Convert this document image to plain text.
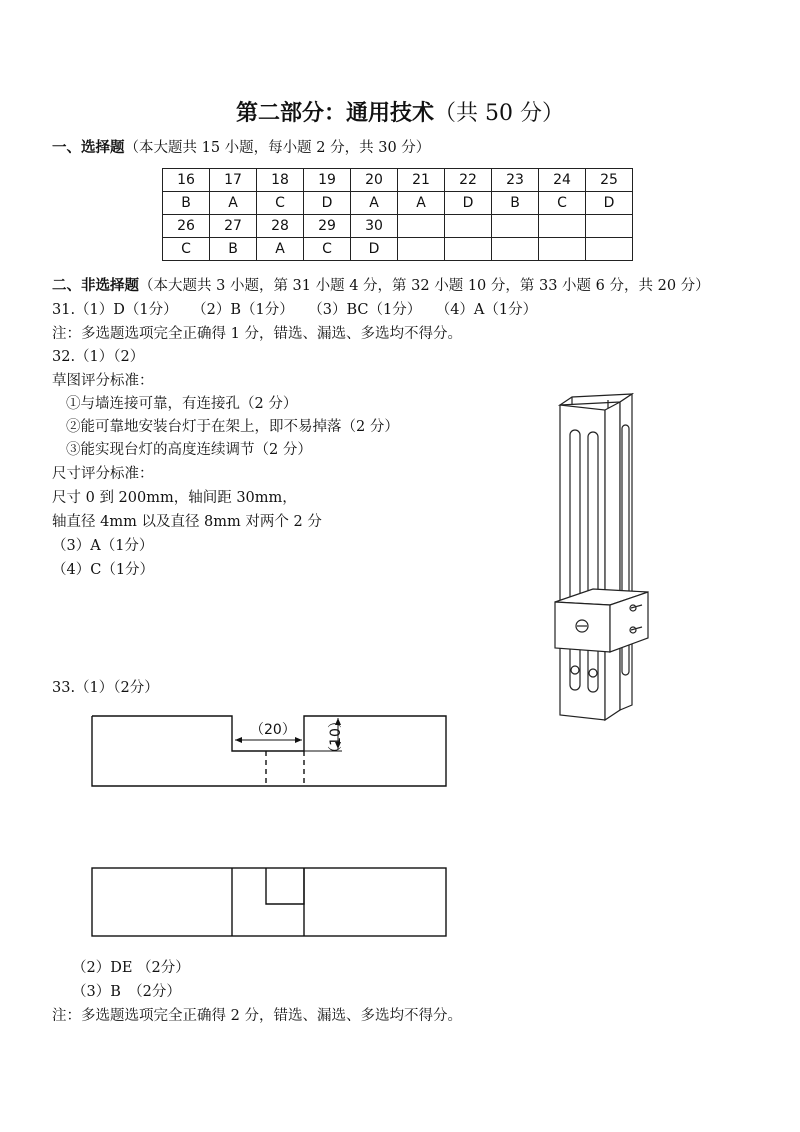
第二部分：通用技术（共 50 分）
一、选择题（本大题共 15 小题，每小题 2 分，共 30 分）
16	17	18	19	20	21	22	23	24	25
B	A	C	D	A	A	D	B	C	D
26	27	28	29	30					
C	B	A	C	D					
二、非选择题（本大题共 3 小题，第 31 小题 4 分，第 32 小题 10 分，第 33 小题 6 分，共 20 分）
31.（1）D（1分）　　（2）B（1分）　　（3）BC（1分）　　（4）A（1分）
注：多选题选项完全正确得 1 分，错选、漏选、多选均不得分。
32.（1）（2）
草图评分标准：
①与墙连接可靠，有连接孔（2 分）
②能可靠地安装台灯于在架上，即不易掉落（2 分）
③能实现台灯的高度连续调节（2 分）
尺寸评分标准：
尺寸 0 到 200mm，轴间距 30mm，
轴直径 4mm 以及直径 8mm 对两个 2 分
（3）A（1分）
（4）C（1分）
33.（1）（2分）
（20）
（10）
（2）DE （2分）
（3）B　（2分）
注：多选题选项完全正确得 2 分，错选、漏选、多选均不得分。
